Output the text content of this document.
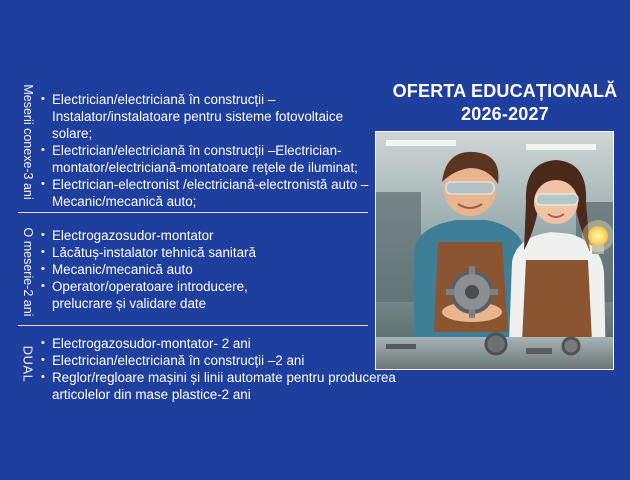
Meserii conexe-3 ani
O meserie-2 ani
DUAL
• Electrician/electriciană în construcții – Instalator/instalatoare pentru sisteme fotovoltaice solare;
• Electrician/electriciană în construcții –Electrician-montator/electriciană-montatoare rețele de iluminat;
• Electrician-electronist /electriciană-electronistă auto – Mecanic/mecanică auto;
• Electrogazosudor-montator
• Lăcătuș-instalator tehnică sanitară
• Mecanic/mecanică auto
• Operator/operatoare introducere, prelucrare și validare date
• Electrogazosudor-montator- 2 ani
• Electrician/electriciană în construcții –2 ani
• Reglor/regloare mașini și linii automate pentru producerea articolelor din mase plastice-2 ani
OFERTA EDUCAȚIONALĂ
2026-2027
